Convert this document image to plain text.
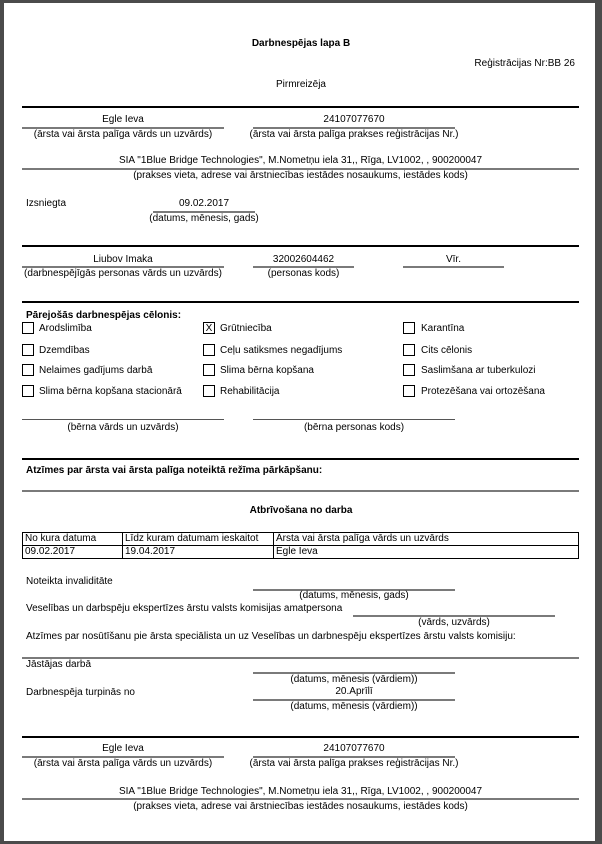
Darbnespējas lapa B
Reģistrācijas Nr:BB 26
Pirmreizēja
Egle Ieva
(ārsta vai ārsta palīga vārds un uzvārds)
24107077670
(ārsta vai ārsta palīga prakses reģistrācijas Nr.)
SIA "1Blue Bridge Technologies", M.Nometņu iela 31,, Rīga, LV1002, , 900200047
(prakses vieta, adrese vai ārstniecības iestādes nosaukums, iestādes kods)
Izsniegta	09.02.2017
(datums, mēnesis, gads)
Liubov Imaka
(darbnespējīgās personas vārds un uzvārds)
32002604462
(personas kods)
Vīr.
Pārejošās darbnespējas cēlonis:
Arodslimība
Dzemdības
Nelaimes gadījums darbā
Slima bērna kopšana stacionārā
X Grūtniecība
Ceļu satiksmes negadījums
Slima bērna kopšana
Rehabilitācija
Karantīna
Cits cēlonis
Saslimšana ar tuberkulozi
Protezēšana vai ortozēšana
(bērna vārds un uzvārds)	(bērna personas kods)
Atzīmes par ārsta vai ārsta palīga noteiktā režīma pārkāpšanu:
Atbrīvošana no darba
No kura datuma	Līdz kuram datumam ieskaitot	Ārsta vai ārsta palīga vārds un uzvārds
09.02.2017	19.04.2017	Egle Ieva
Noteikta invaliditāte
(datums, mēnesis, gads)
Veselības un darbspēju ekspertīzes ārstu valsts komisijas amatpersona
(vārds, uzvārds)
Atzīmes par nosūtīšanu pie ārsta speciālista un uz Veselības un darbnespēju ekspertīzes ārstu valsts komisiju:
Jāstājas darbā
(datums, mēnesis (vārdiem))
Darbnespēja turpinās no	20.Aprīlī
(datums, mēnesis (vārdiem))
Egle Ieva
(ārsta vai ārsta palīga vārds un uzvārds)
24107077670
(ārsta vai ārsta palīga prakses reģistrācijas Nr.)
SIA "1Blue Bridge Technologies", M.Nometņu iela 31,, Rīga, LV1002, , 900200047
(prakses vieta, adrese vai ārstniecības iestādes nosaukums, iestādes kods)
